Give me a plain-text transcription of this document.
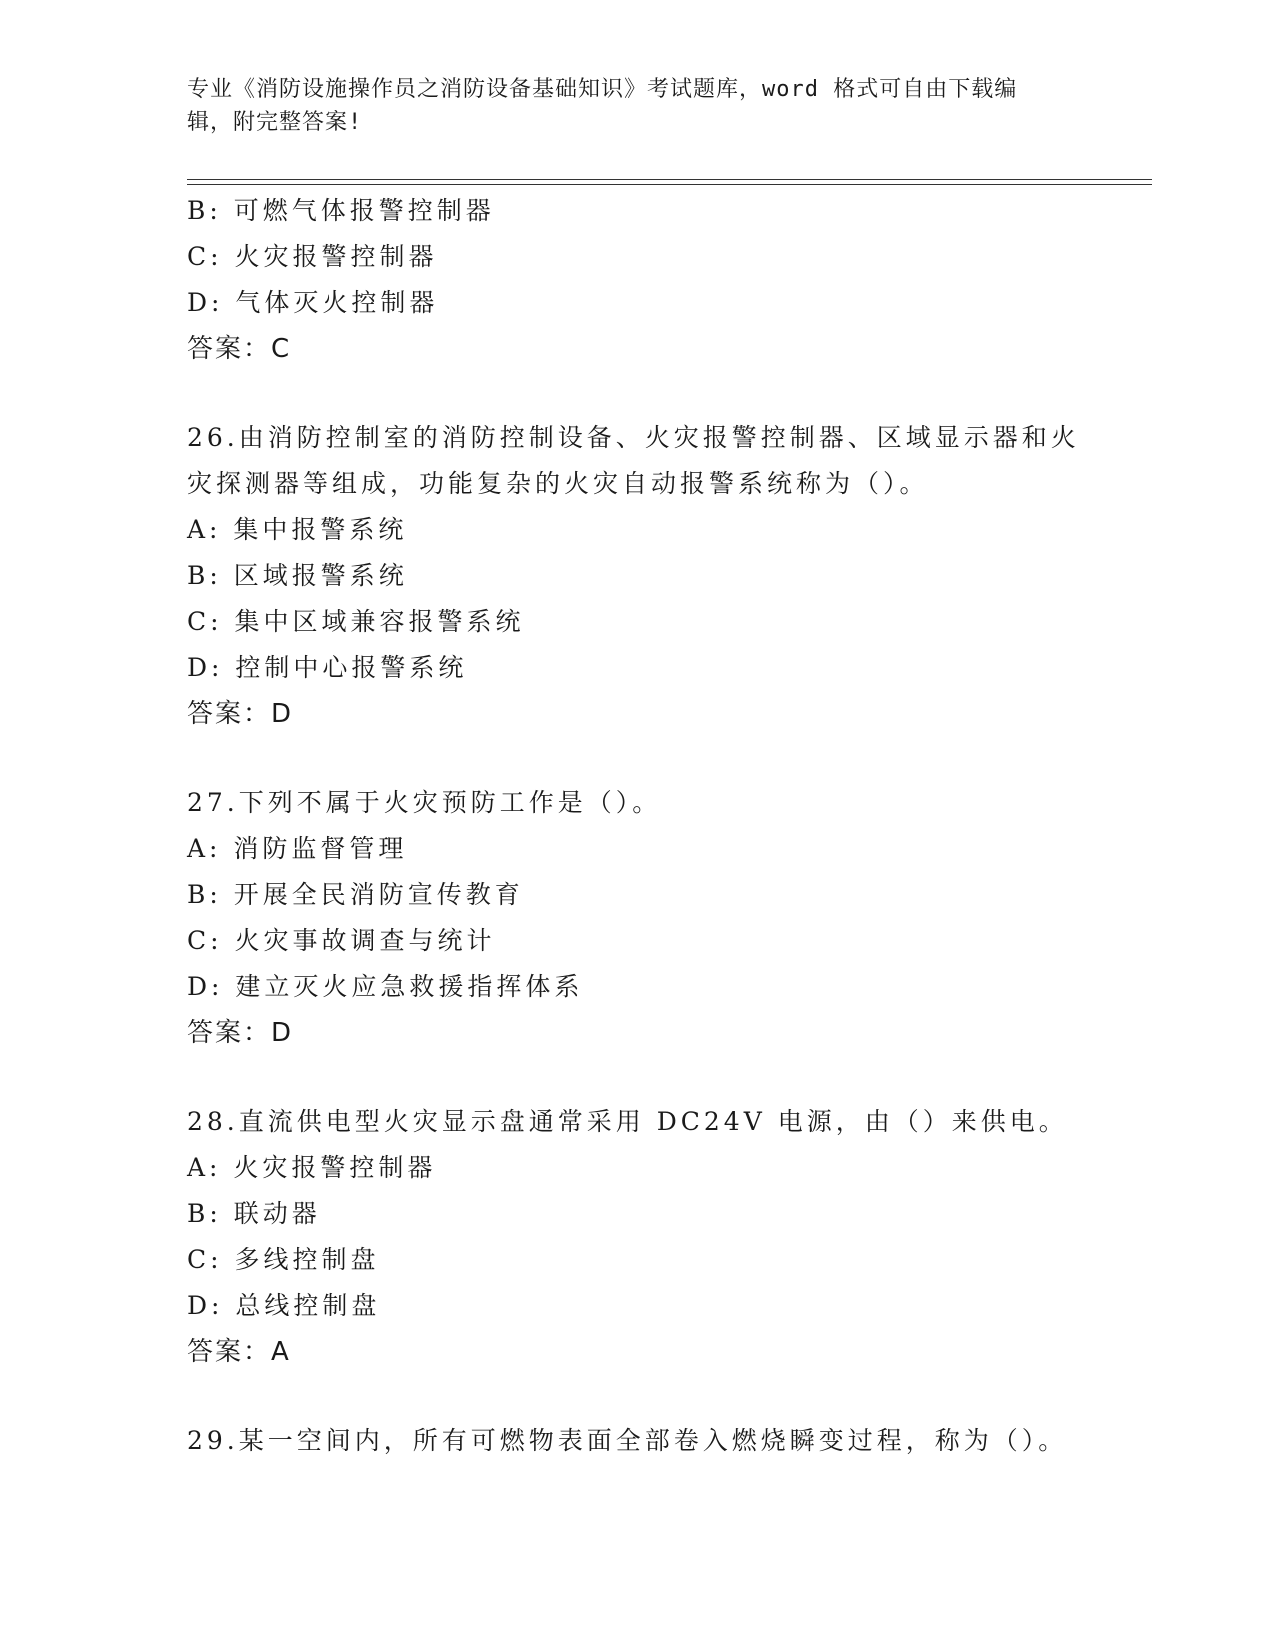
专业《消防设施操作员之消防设备基础知识》考试题库，word 格式可自由下载编
辑，附完整答案!
B: 可燃气体报警控制器
C: 火灾报警控制器
D: 气体灭火控制器
答案：C
26.由消防控制室的消防控制设备、火灾报警控制器、区域显示器和火
灾探测器等组成，功能复杂的火灾自动报警系统称为（）。
A: 集中报警系统
B: 区域报警系统
C: 集中区域兼容报警系统
D: 控制中心报警系统
答案：D
27.下列不属于火灾预防工作是（）。
A: 消防监督管理
B: 开展全民消防宣传教育
C: 火灾事故调查与统计
D: 建立灭火应急救援指挥体系
答案：D
28.直流供电型火灾显示盘通常采用 DC24V 电源，由（）来供电。
A: 火灾报警控制器
B: 联动器
C: 多线控制盘
D: 总线控制盘
答案：A
29.某一空间内，所有可燃物表面全部卷入燃烧瞬变过程，称为（）。
